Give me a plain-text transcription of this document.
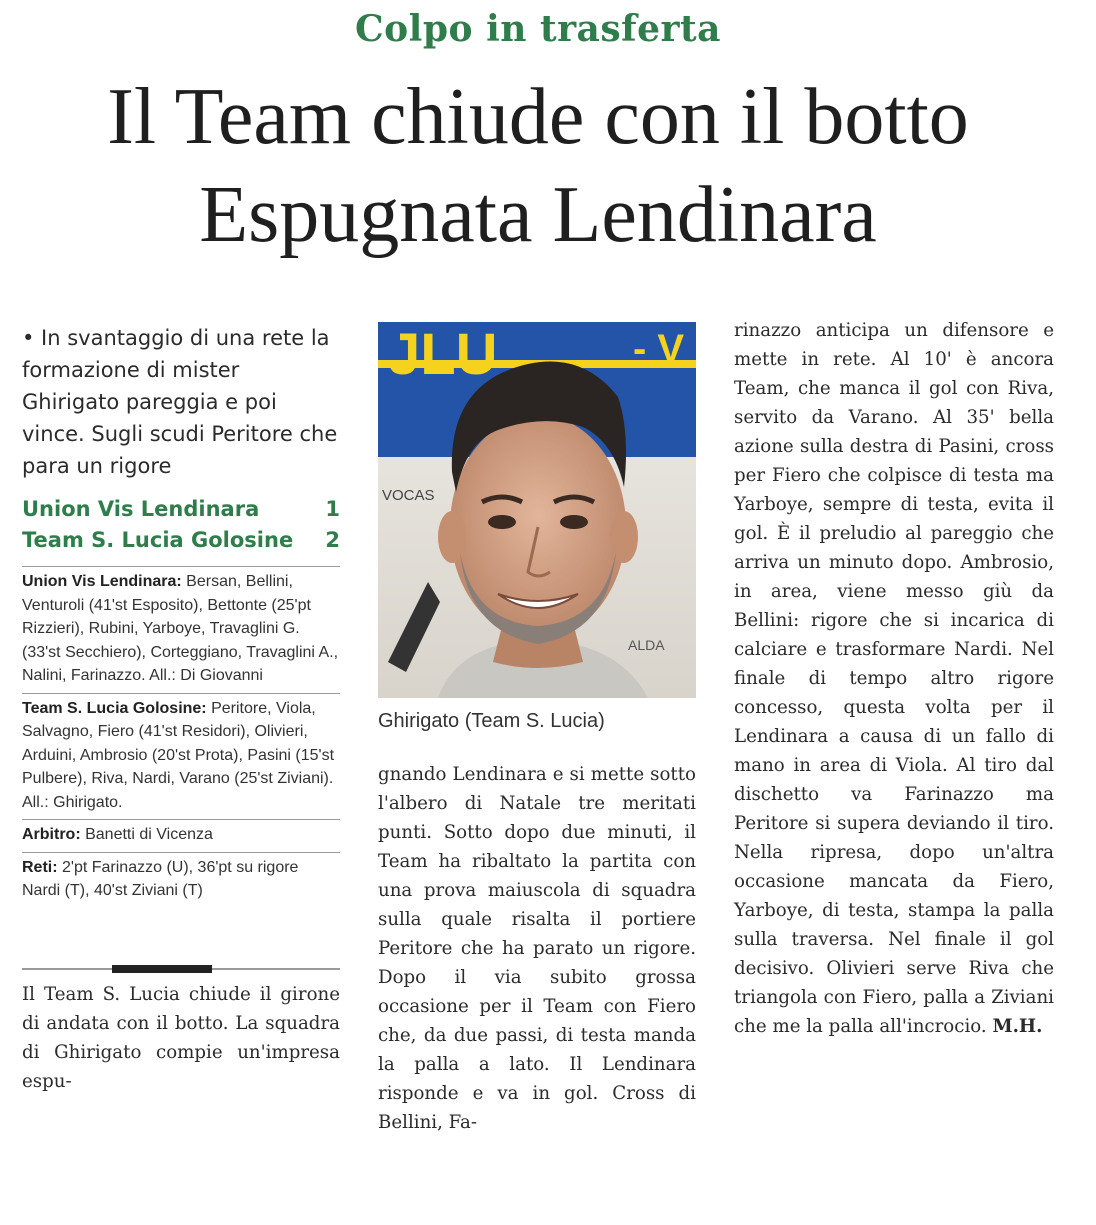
Colpo in trasferta
Il Team chiude con il botto
Espugnata Lendinara

• In svantaggio di una rete la formazione di mister Ghirigato pareggia e poi vince. Sugli scudi Peritore che para un rigore

Union Vis Lendinara	1
Team S. Lucia Golosine 2
Union Vis Lendinara: Bersan, Bellini, Venturoli (41'st Esposito), Bettonte (25'pt Rizzieri), Rubini, Yarboye, Travaglini G. (33'st Secchiero), Corteggiano, Travaglini A., Nalini, Farinazzo. All.: Di Giovanni
Team S. Lucia Golosine: Peritore, Viola, Salvagno, Fiero (41'st Residori), Olivieri, Arduini, Ambrosio (20'st Prota), Pasini (15'st Pulbere), Riva, Nardi, Varano (25'st Ziviani). All.: Ghirigato.
Arbitro: Banetti di Vicenza
Reti: 2'pt Farinazzo (U), 36'pt su rigore Nardi (T), 40'st Ziviani (T)

Il Team S. Lucia chiude il girone di andata con il botto. La squadra di Ghirigato compie un'impresa espu-

JLU	- V
VOCAS
ALDA
Ghirigato (Team S. Lucia)

gnando Lendinara e si mette sotto l'albero di Natale tre meritati punti. Sotto dopo due minuti, il Team ha ribaltato la partita con una prova maiuscola di squadra sulla quale risalta il portiere Peritore che ha parato un rigore. Dopo il via subito grossa occasione per il Team con Fiero che, da due passi, di testa manda la palla a lato. Il Lendinara risponde e va in gol. Cross di Bellini, Fa-

rinazzo anticipa un difensore e mette in rete. Al 10' è ancora Team, che manca il gol con Riva, servito da Varano. Al 35' bella azione sulla destra di Pasini, cross per Fiero che colpisce di testa ma Yarboye, sempre di testa, evita il gol. È il preludio al pareggio che arriva un minuto dopo. Ambrosio, in area, viene messo giù da Bellini: rigore che si incarica di calciare e trasformare Nardi. Nel finale di tempo altro rigore concesso, questa volta per il Lendinara a causa di un fallo di mano in area di Viola. Al tiro dal dischetto va Farinazzo ma Peritore si supera deviando il tiro. Nella ripresa, dopo un'altra occasione mancata da Fiero, Yarboye, di testa, stampa la palla sulla traversa. Nel finale il gol decisivo. Olivieri serve Riva che triangola con Fiero, palla a Ziviani che me la palla all'incrocio. M.H.
